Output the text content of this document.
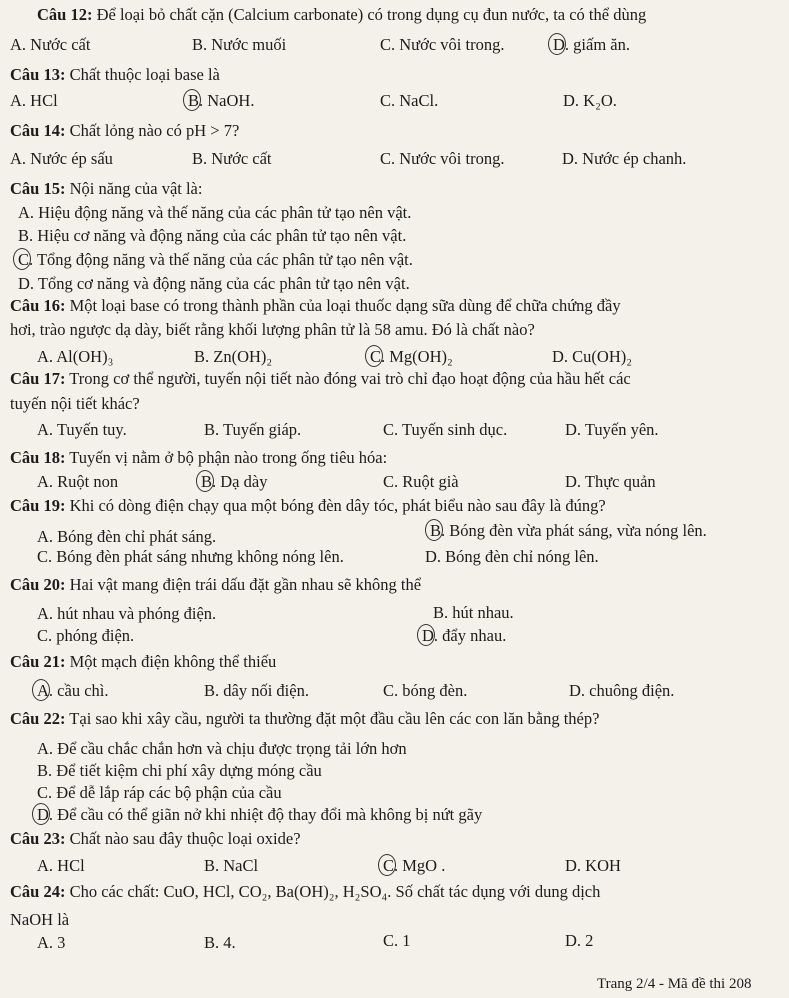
Câu 12: Để loại bỏ chất cặn (Calcium carbonate) có trong dụng cụ đun nước, ta có thể dùng
A. Nước cất	B. Nước muối	C. Nước vôi trong.	D. giấm ăn.
Câu 13: Chất thuộc loại base là
A. HCl	B. NaOH.	C. NaCl.	D. K₂O.
Câu 14: Chất lỏng nào có pH > 7?
A. Nước ép sấu	B. Nước cất	C. Nước vôi trong.	D. Nước ép chanh.
Câu 15: Nội năng của vật là:
A. Hiệu động năng và thế năng của các phân tử tạo nên vật.
B. Hiệu cơ năng và động năng của các phân tử tạo nên vật.
C. Tổng động năng và thế năng của các phân tử tạo nên vật.
D. Tổng cơ năng và động năng của các phân tử tạo nên vật.
Câu 16: Một loại base có trong thành phần của loại thuốc dạng sữa dùng để chữa chứng đầy
hơi, trào ngược dạ dày, biết rằng khối lượng phân tử là 58 amu. Đó là chất nào?
A. Al(OH)₃	B. Zn(OH)₂	C. Mg(OH)₂	D. Cu(OH)₂
Câu 17: Trong cơ thể người, tuyến nội tiết nào đóng vai trò chỉ đạo hoạt động của hầu hết các
tuyến nội tiết khác?
A. Tuyến tuy.	B. Tuyến giáp.	C. Tuyến sinh dục.	D. Tuyến yên.
Câu 18: Tuyến vị nằm ở bộ phận nào trong ống tiêu hóa:
A. Ruột non	B. Dạ dày	C. Ruột già	D. Thực quản
Câu 19: Khi có dòng điện chạy qua một bóng đèn dây tóc, phát biểu nào sau đây là đúng?
A. Bóng đèn chỉ phát sáng.	B. Bóng đèn vừa phát sáng, vừa nóng lên.
C. Bóng đèn phát sáng nhưng không nóng lên.	D. Bóng đèn chỉ nóng lên.
Câu 20: Hai vật mang điện trái dấu đặt gần nhau sẽ không thể
A. hút nhau và phóng điện.	B. hút nhau.
C. phóng điện.	D. đẩy nhau.
Câu 21: Một mạch điện không thể thiếu
A. cầu chì.	B. dây nối điện.	C. bóng đèn.	D. chuông điện.
Câu 22: Tại sao khi xây cầu, người ta thường đặt một đầu cầu lên các con lăn bằng thép?
A. Để cầu chắc chắn hơn và chịu được trọng tải lớn hơn
B. Để tiết kiệm chi phí xây dựng móng cầu
C. Để dễ lắp ráp các bộ phận của cầu
D. Để cầu có thể giãn nở khi nhiệt độ thay đổi mà không bị nứt gãy
Câu 23: Chất nào sau đây thuộc loại oxide?
A. HCl	B. NaCl	C. MgO .	D. KOH
Câu 24: Cho các chất: CuO, HCl, CO₂, Ba(OH)₂, H₂SO₄. Số chất tác dụng với dung dịch
NaOH là
A. 3	B. 4.	C. 1	D. 2
Trang 2/4 - Mã đề thi 208
